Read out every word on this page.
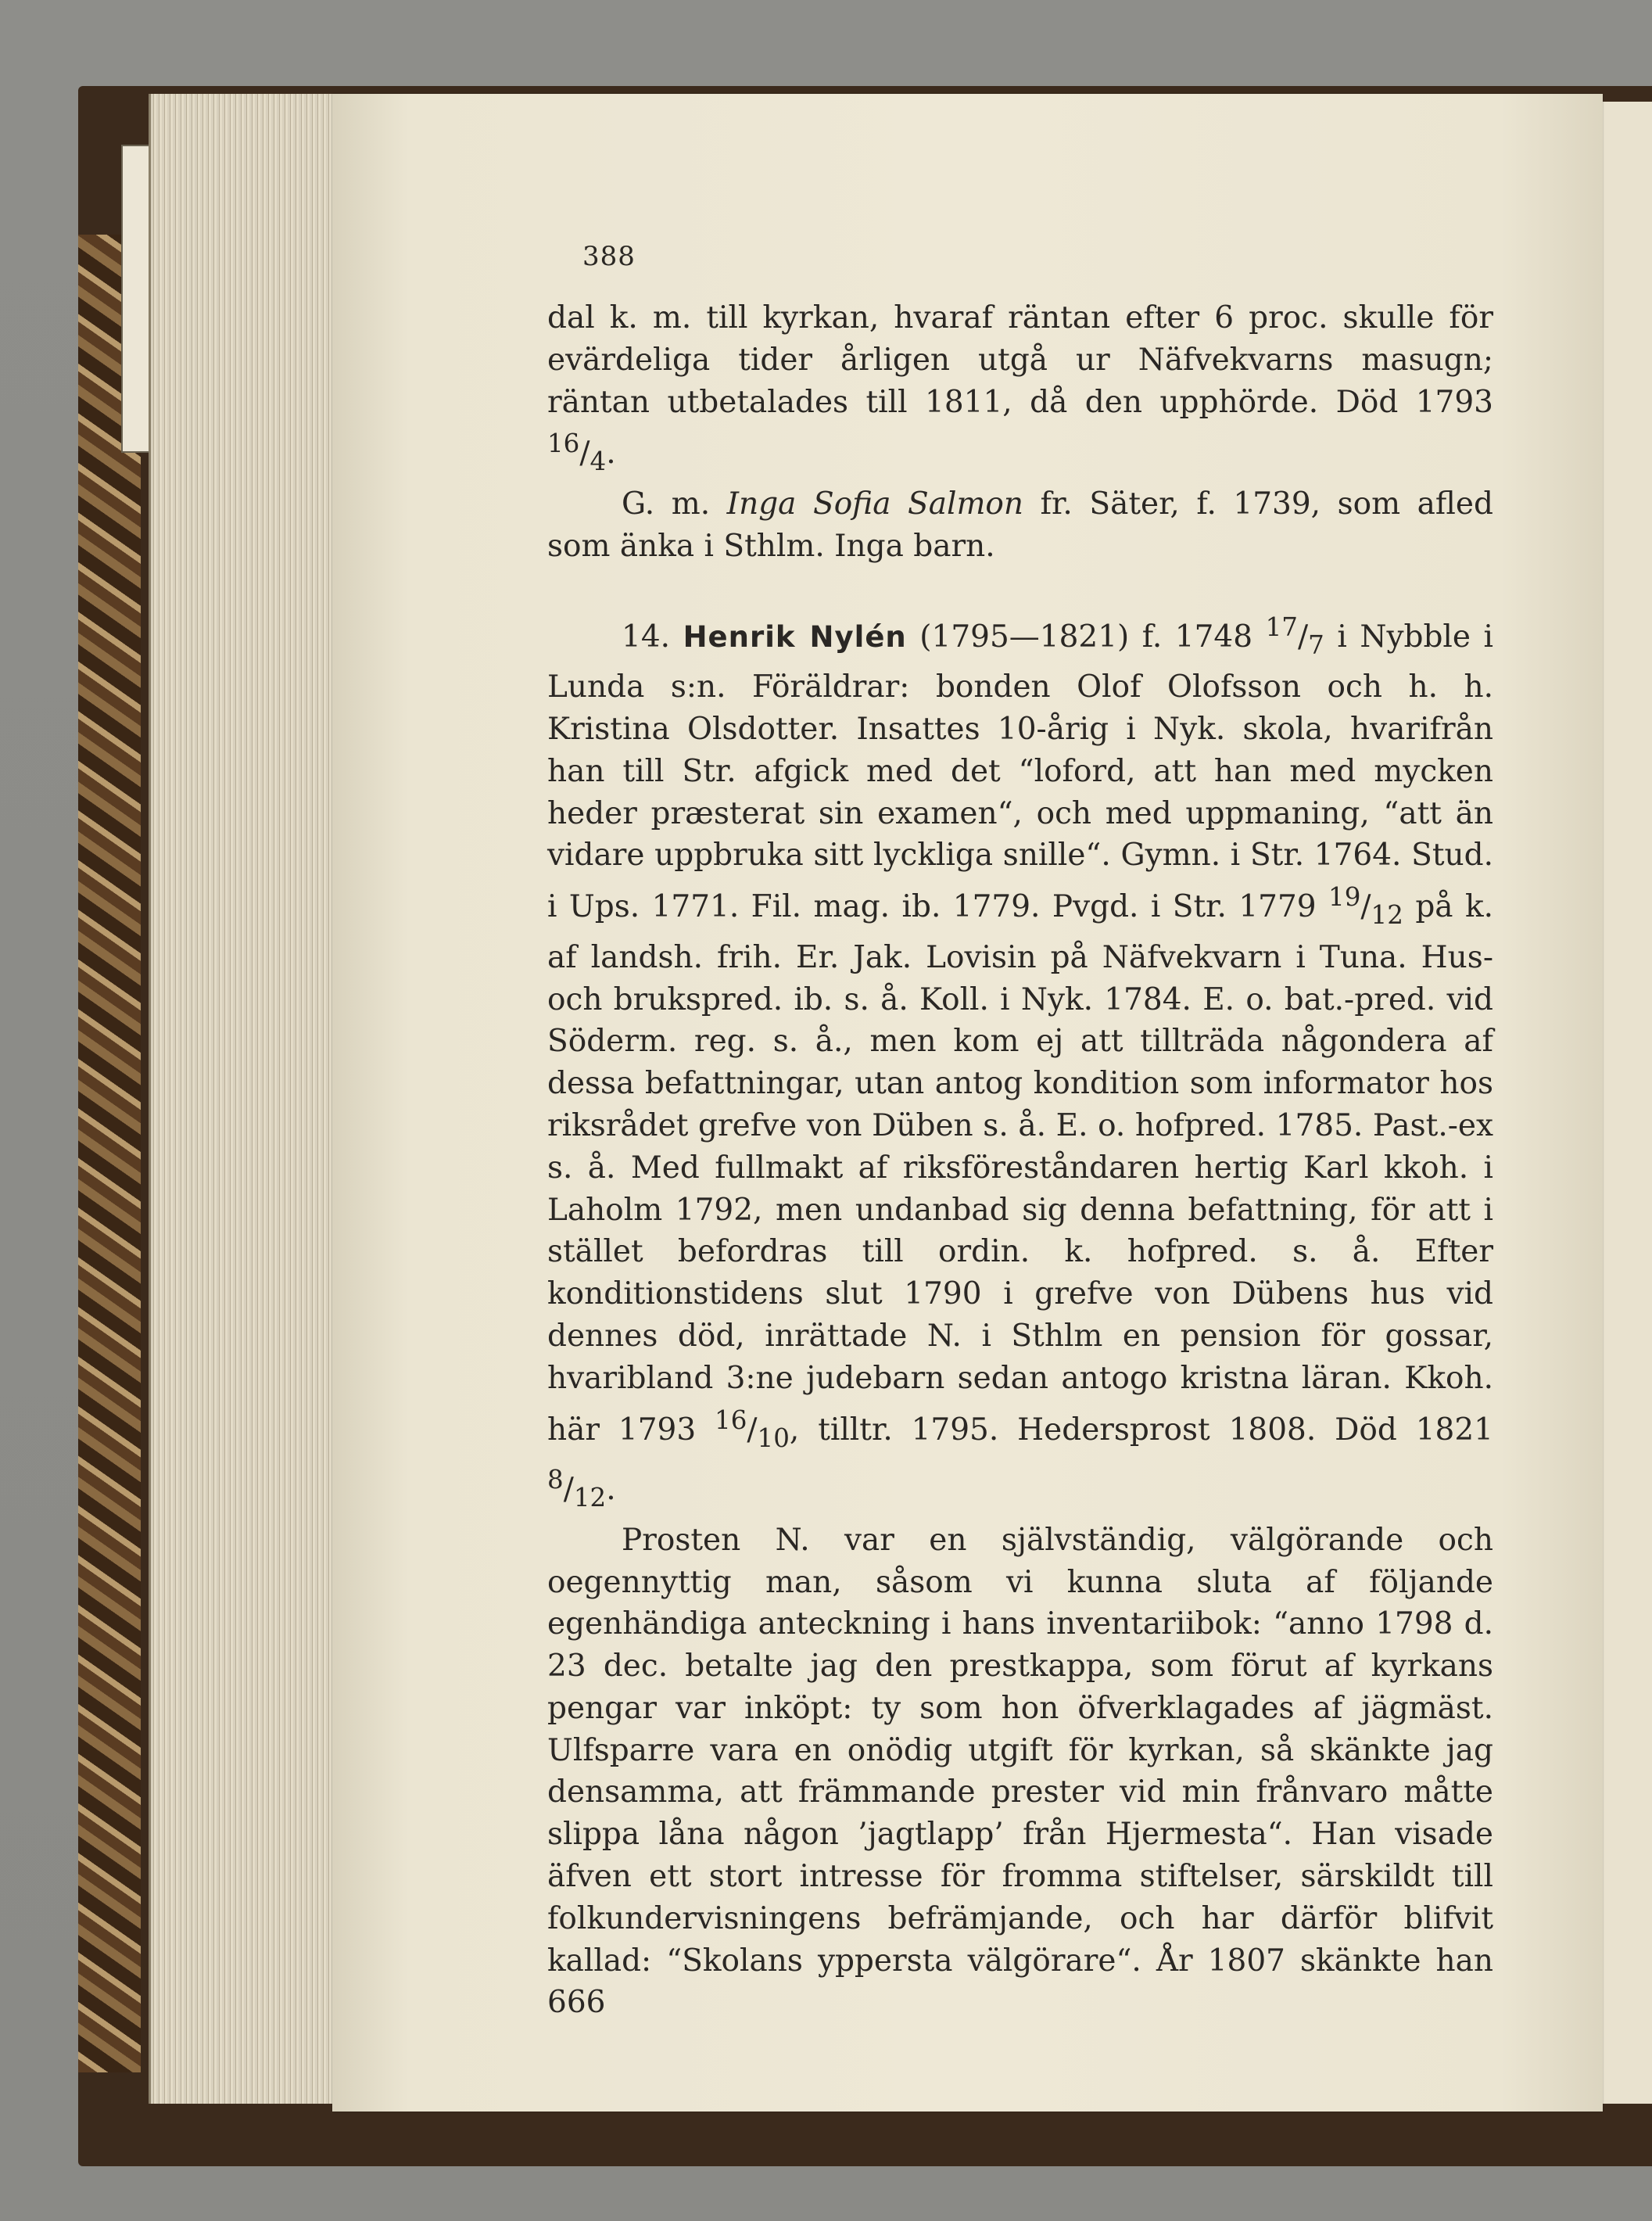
388

dal k. m. till kyrkan, hvaraf räntan efter 6 proc. skulle för evärdeliga tider årligen utgå ur Näfvekvarns masugn; räntan utbetalades till 1811, då den upphörde. Död 1793 $^{16}/_4$.

G. m. Inga Sofia Salmon fr. Säter, f. 1739, som afled som änka i Sthlm. Inga barn.

14. Henrik Nylén (1795—1821) f. 1748 $^{17}/_7$ i Nybble i Lunda s:n. Föräldrar: bonden Olof Olofsson och h. h. Kristina Olsdotter. Insattes 10-årig i Nyk. skola, hvarifrån han till Str. afgick med det “loford, att han med mycken heder præsterat sin examen“, och med uppmaning, “att än vidare uppbruka sitt lyckliga snille“. Gymn. i Str. 1764. Stud. i Ups. 1771. Fil. mag. ib. 1779. Pvgd. i Str. 1779 $^{19}/_{12}$ på k. af landsh. frih. Er. Jak. Lovisin på Näfvekvarn i Tuna. Hus- och brukspred. ib. s. å. Koll. i Nyk. 1784. E. o. bat.-pred. vid Söderm. reg. s. å., men kom ej att tillträda någondera af dessa befattningar, utan antog kondition som informator hos riksrådet grefve von Düben s. å. E. o. hofpred. 1785. Past.-ex s. å. Med fullmakt af riksföreståndaren hertig Karl kkoh. i Laholm 1792, men undanbad sig denna befattning, för att i stället befordras till ordin. k. hofpred. s. å. Efter konditionstidens slut 1790 i grefve von Dübens hus vid dennes död, inrättade N. i Sthlm en pension för gossar, hvaribland 3:ne judebarn sedan antogo kristna läran. Kkoh. här 1793 $^{16}/_{10}$, tilltr. 1795. Hedersprost 1808. Död 1821 $^8/_{12}$.

Prosten N. var en självständig, välgörande och oegennyttig man, såsom vi kunna sluta af följande egenhändiga anteckning i hans inventariibok: “anno 1798 d. 23 dec. betalte jag den prestkappa, som förut af kyrkans pengar var inköpt: ty som hon öfverklagades af jägmäst. Ulfsparre vara en onödig utgift för kyrkan, så skänkte jag densamma, att främmande prester vid min frånvaro måtte slippa låna någon ’jagtlapp’ från Hjermesta“. Han visade äfven ett stort intresse för fromma stiftelser, särskildt till folkundervisningens befrämjande, och har därför blifvit kallad: “Skolans yppersta välgörare“. År 1807 skänkte han 666
